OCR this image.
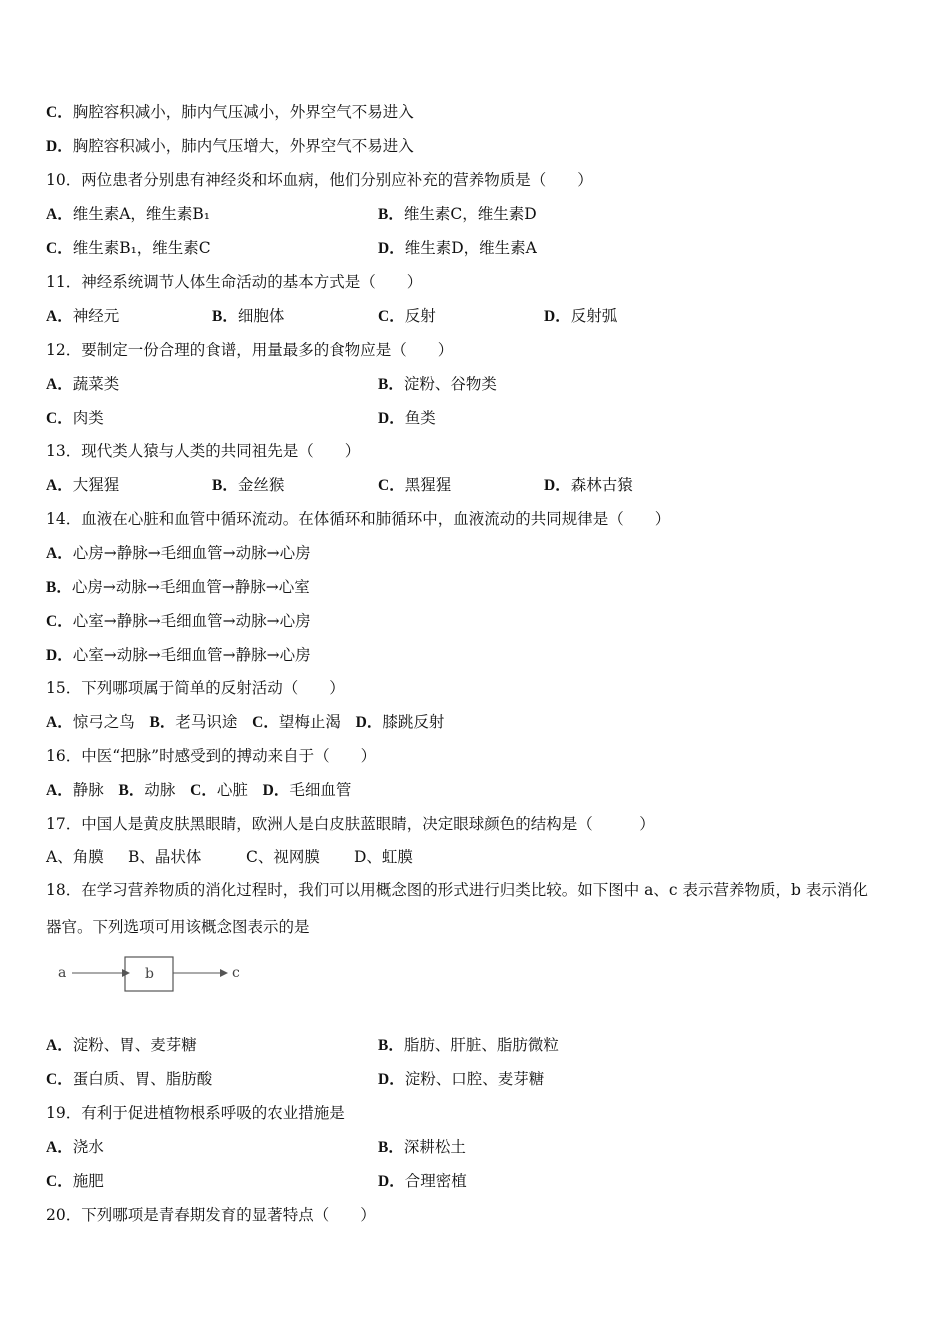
C．胸腔容积减小，肺内气压减小，外界空气不易进入
D．胸腔容积减小，肺内气压增大，外界空气不易进入
10．两位患者分别患有神经炎和坏血病，他们分别应补充的营养物质是（　　）
A．维生素A，维生素B₁	B．维生素C，维生素D
C．维生素B₁，维生素C	D．维生素D，维生素A
11．神经系统调节人体生命活动的基本方式是（　　）
A．神经元	B．细胞体	C．反射	D．反射弧
12．要制定一份合理的食谱，用量最多的食物应是（　　）
A．蔬菜类	B．淀粉、谷物类
C．肉类	D．鱼类
13．现代类人猿与人类的共同祖先是（　　）
A．大猩猩	B．金丝猴	C．黑猩猩	D．森林古猿
14．血液在心脏和血管中循环流动。在体循环和肺循环中，血液流动的共同规律是（　　）
A．心房→静脉→毛细血管→动脉→心房
B．心房→动脉→毛细血管→静脉→心室
C．心室→静脉→毛细血管→动脉→心房
D．心室→动脉→毛细血管→静脉→心房
15．下列哪项属于简单的反射活动（　　）
A．惊弓之鸟 B．老马识途 C．望梅止渴 D．膝跳反射
16．中医“把脉”时感受到的搏动来自于（　　）
A．静脉 B．动脉 C．心脏 D．毛细血管
17．中国人是黄皮肤黑眼睛，欧洲人是白皮肤蓝眼睛，决定眼球颜色的结构是（　　　）
A、角膜 B、晶状体	C、视网膜 D、虹膜
18．在学习营养物质的消化过程时，我们可以用概念图的形式进行归类比较。如下图中 a、c 表示营养物质，b 表示消化
器官。下列选项可用该概念图表示的是
a	b	c
A．淀粉、胃、麦芽糖	B．脂肪、肝脏、脂肪微粒
C．蛋白质、胃、脂肪酸	D．淀粉、口腔、麦芽糖
19．有利于促进植物根系呼吸的农业措施是
A．浇水	B．深耕松土
C．施肥	D．合理密植
20．下列哪项是青春期发育的显著特点（　　）
